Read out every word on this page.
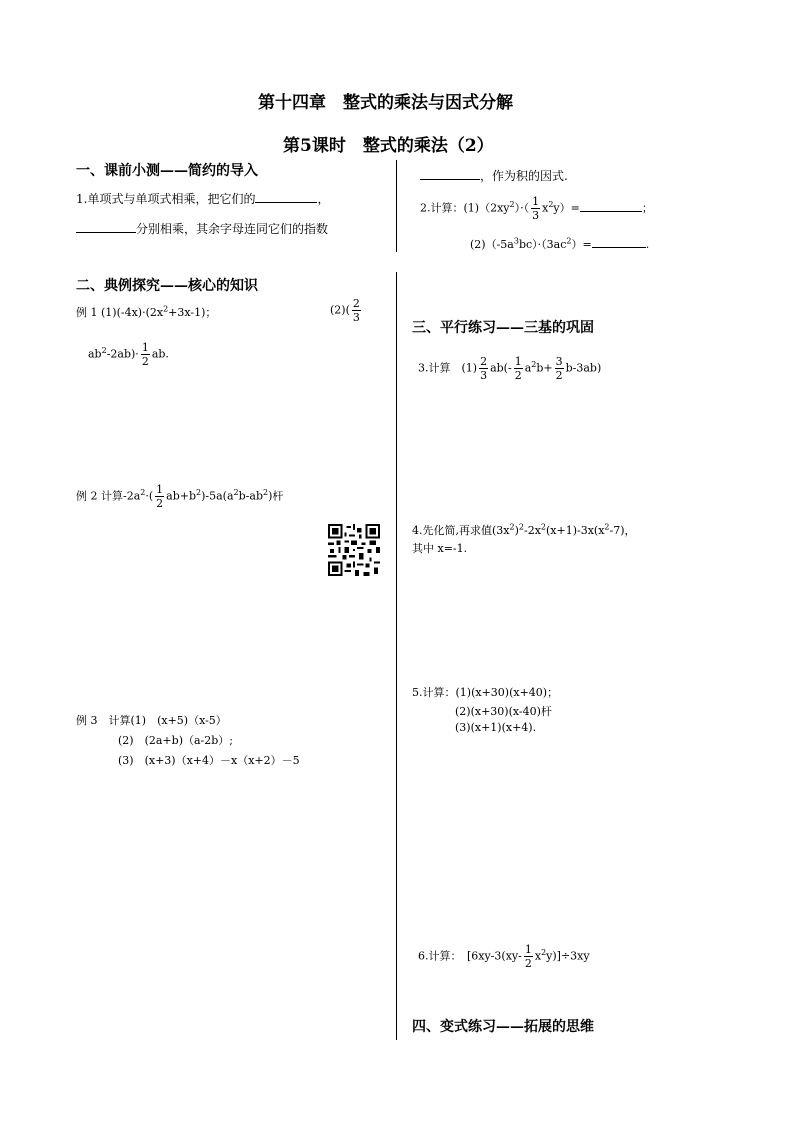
第十四章　整式的乘法与因式分解
第5课时　整式的乘法（2）
一、课前小测——简约的导入
1.单项式与单项式相乘，把它们的	，
分别相乘，其余字母连同它们的指数
，作为积的因式.
2.计算：$(1)(2xy^2)\cdot( \frac{1}{3} x^2y)=$	；
$(2)(-5a^3bc)\cdot(3ac^2)=$	.
二、典例探究——核心的知识
例 1 $(1)(-4x)\cdot(2x^2+3x-1)$；	$(2)( \frac{2}{3}$
$ab^2-2ab)\cdot \frac{1}{2}$ ab.
例 2 计算$-2a^2\cdot( \frac{1}{2} ab+b^2)-5a(a^2b-ab^2)$杆
例 3　计算(1)　(x+5)（x-5）
(2)　(2a+b)（a-2b）;
(3)　(x+3)（x+4）－x（x+2）－5
三、平行练习——三基的巩固
3.计算　$(1) \frac{2}{3} ab(- \frac{1}{2} a^2b+ \frac{3}{2} b-3ab)$
4.先化简,再求值$(3x^2)^2-2x^2(x+1)-3x(x^2-7)$，
其中 x=-1.
5.计算：(1)(x+30)(x+40)；
(2)(x+30)(x-40)杆
(3)(x+1)(x+4).
6.计算：　$[6xy-3(xy- \frac{1}{2} x^2y)]\div 3xy$
四、变式练习——拓展的思维
